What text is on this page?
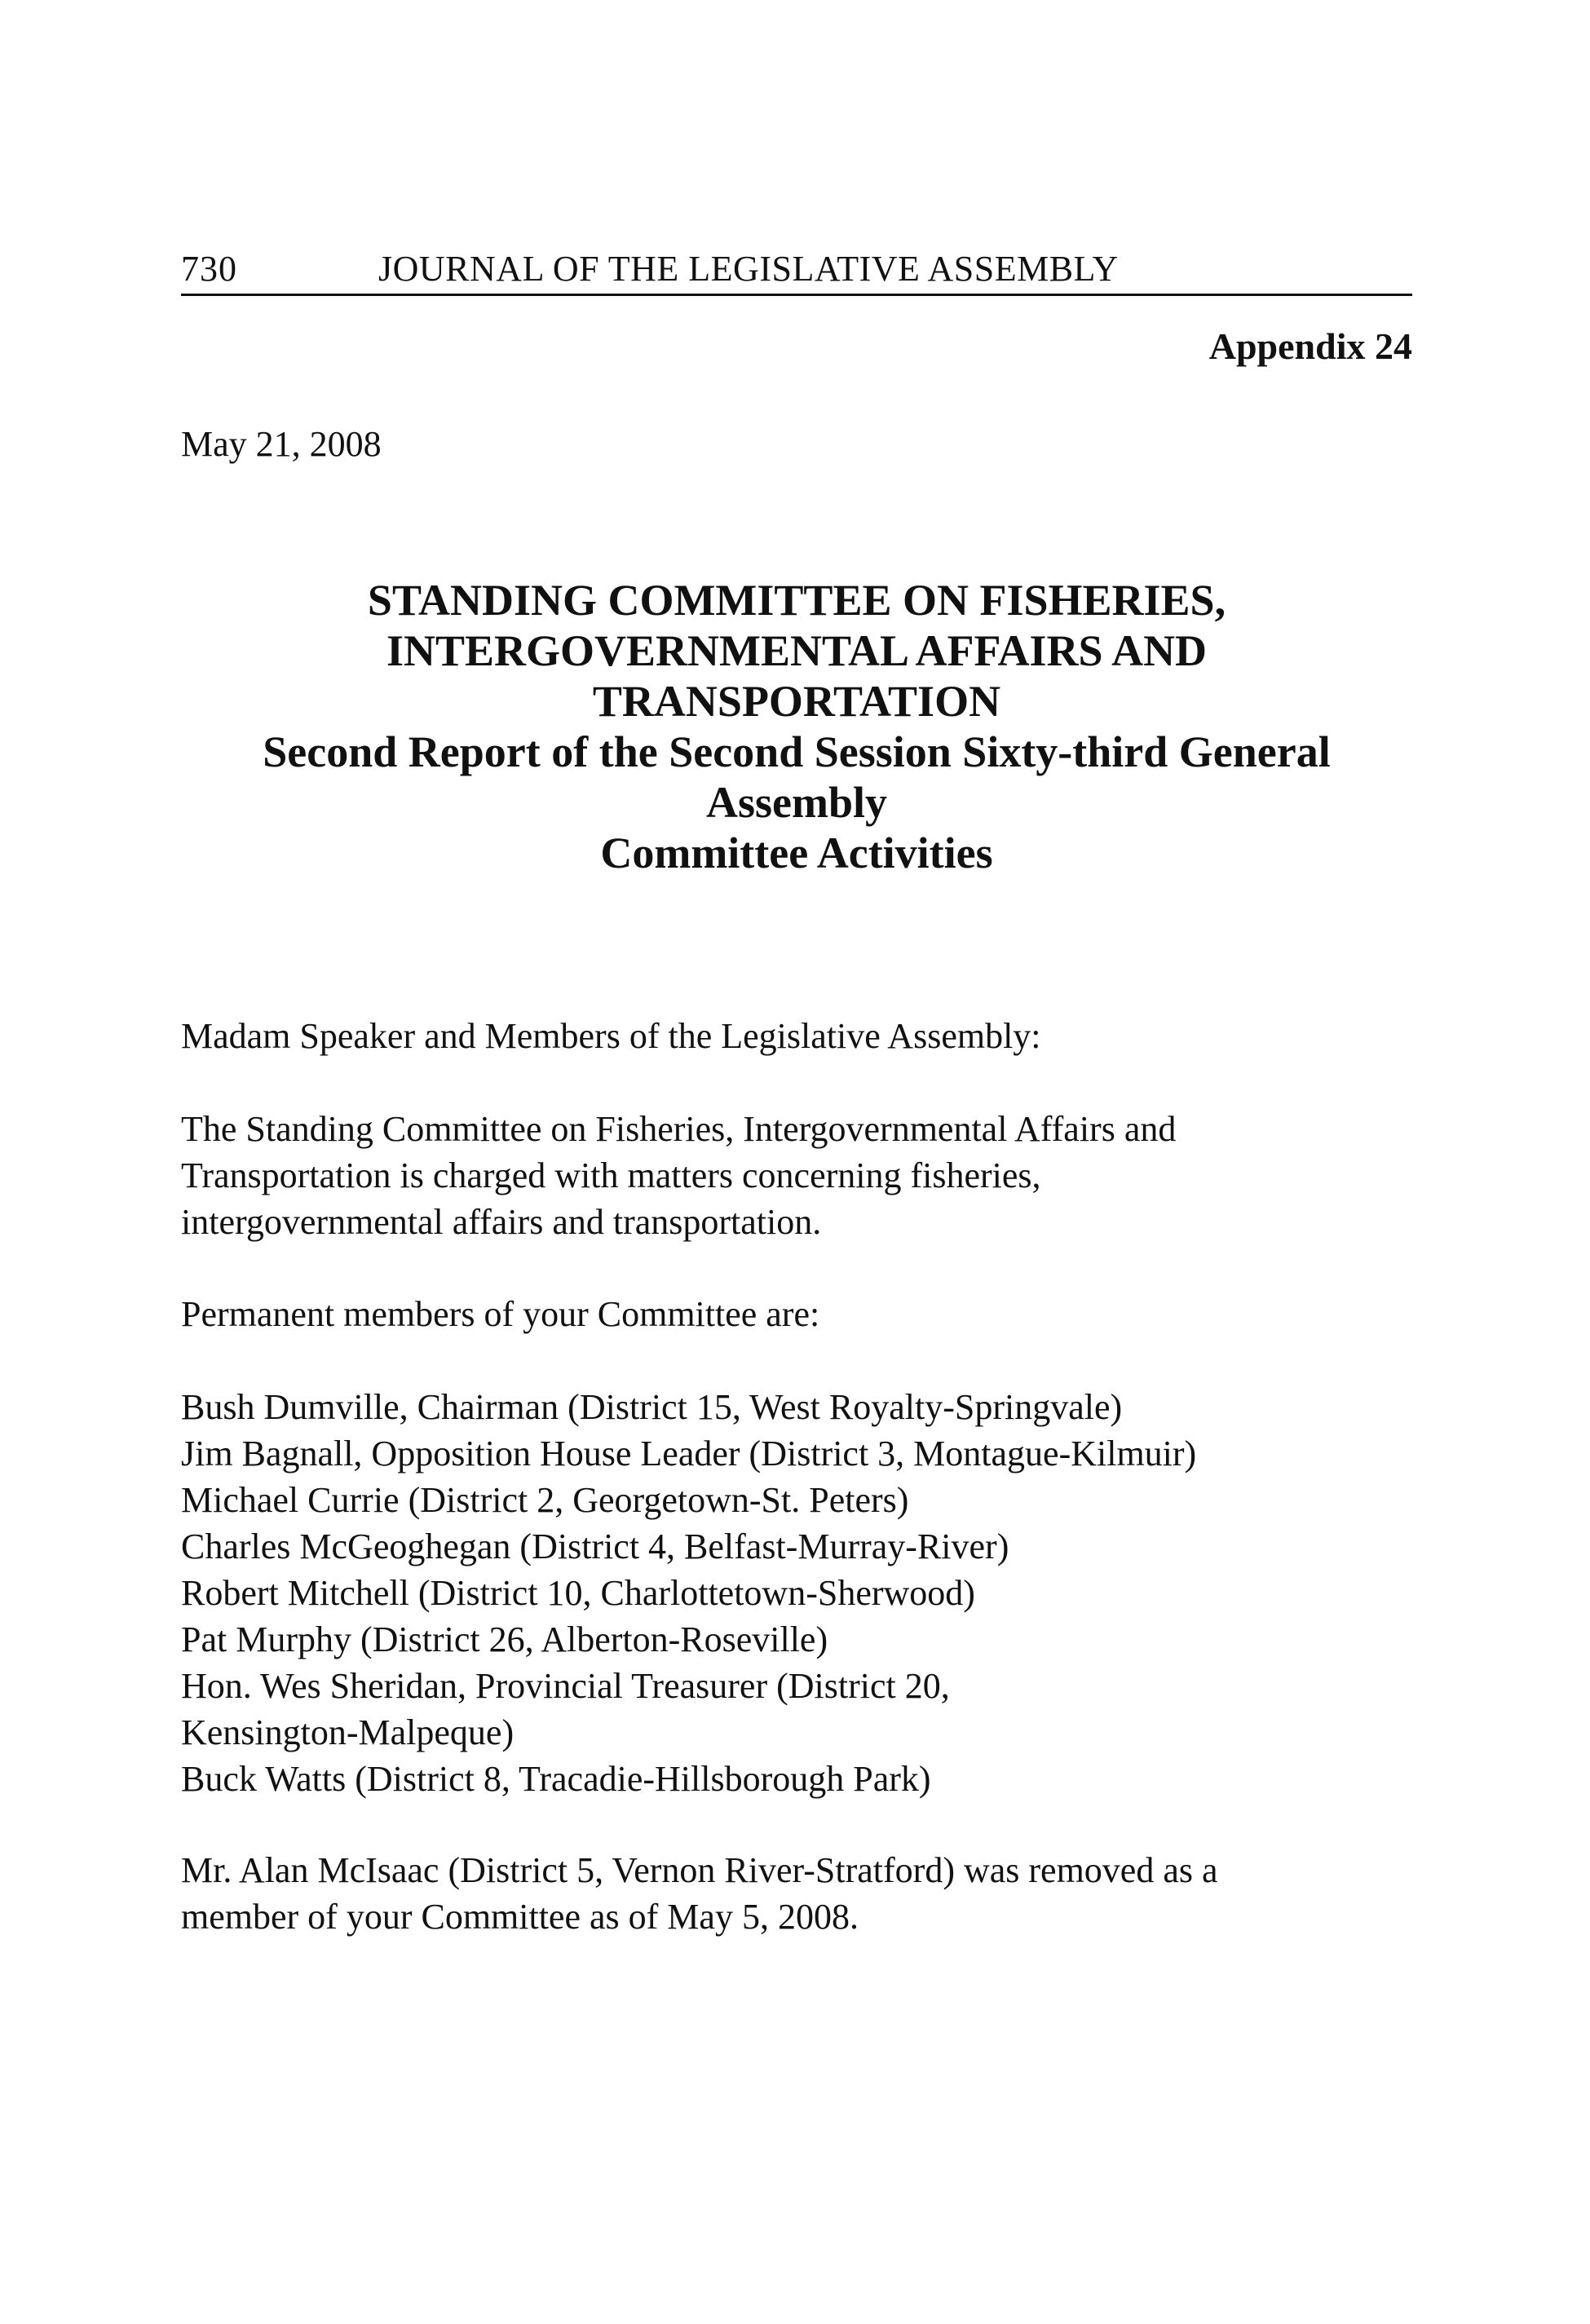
730	JOURNAL OF THE LEGISLATIVE ASSEMBLY
Appendix 24
May 21, 2008
STANDING COMMITTEE ON FISHERIES,
INTERGOVERNMENTAL AFFAIRS AND
TRANSPORTATION
Second Report of the Second Session Sixty-third General
Assembly
Committee Activities
Madam Speaker and Members of the Legislative Assembly:
The Standing Committee on Fisheries, Intergovernmental Affairs and
Transportation is charged with matters concerning fisheries,
intergovernmental affairs and transportation.
Permanent members of your Committee are:
Bush Dumville, Chairman (District 15, West Royalty-Springvale)
Jim Bagnall, Opposition House Leader (District 3, Montague-Kilmuir)
Michael Currie (District 2, Georgetown-St. Peters)
Charles McGeoghegan (District 4, Belfast-Murray-River)
Robert Mitchell (District 10, Charlottetown-Sherwood)
Pat Murphy (District 26, Alberton-Roseville)
Hon. Wes Sheridan, Provincial Treasurer (District 20,
Kensington-Malpeque)
Buck Watts (District 8, Tracadie-Hillsborough Park)
Mr. Alan McIsaac (District 5, Vernon River-Stratford) was removed as a
member of your Committee as of May 5, 2008.
